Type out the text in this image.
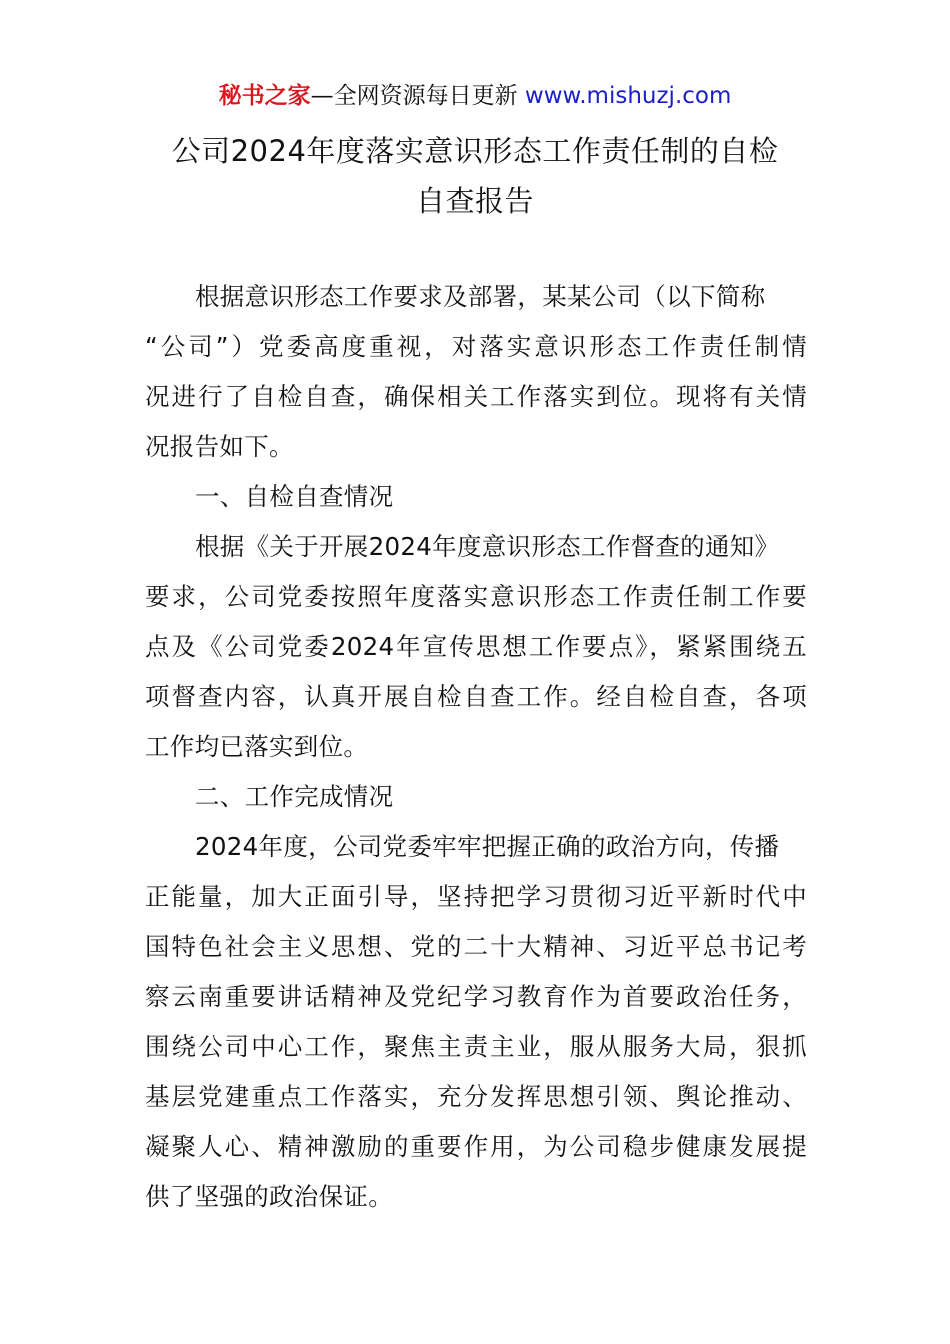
秘书之家—全网资源每日更新 www.mishuzj.com
公司2024年度落实意识形态工作责任制的自检
自查报告
根据意识形态工作要求及部署，某某公司（以下简称
“公司”）党委高度重视，对落实意识形态工作责任制情
况进行了自检自查，确保相关工作落实到位。现将有关情
况报告如下。
一、自检自查情况
根据《关于开展2024年度意识形态工作督查的通知》
要求，公司党委按照年度落实意识形态工作责任制工作要
点及《公司党委2024年宣传思想工作要点》，紧紧围绕五
项督查内容，认真开展自检自查工作。经自检自查，各项
工作均已落实到位。
二、工作完成情况
2024年度，公司党委牢牢把握正确的政治方向，传播
正能量，加大正面引导，坚持把学习贯彻习近平新时代中
国特色社会主义思想、党的二十大精神、习近平总书记考
察云南重要讲话精神及党纪学习教育作为首要政治任务，
围绕公司中心工作，聚焦主责主业，服从服务大局，狠抓
基层党建重点工作落实，充分发挥思想引领、舆论推动、
凝聚人心、精神激励的重要作用，为公司稳步健康发展提
供了坚强的政治保证。
